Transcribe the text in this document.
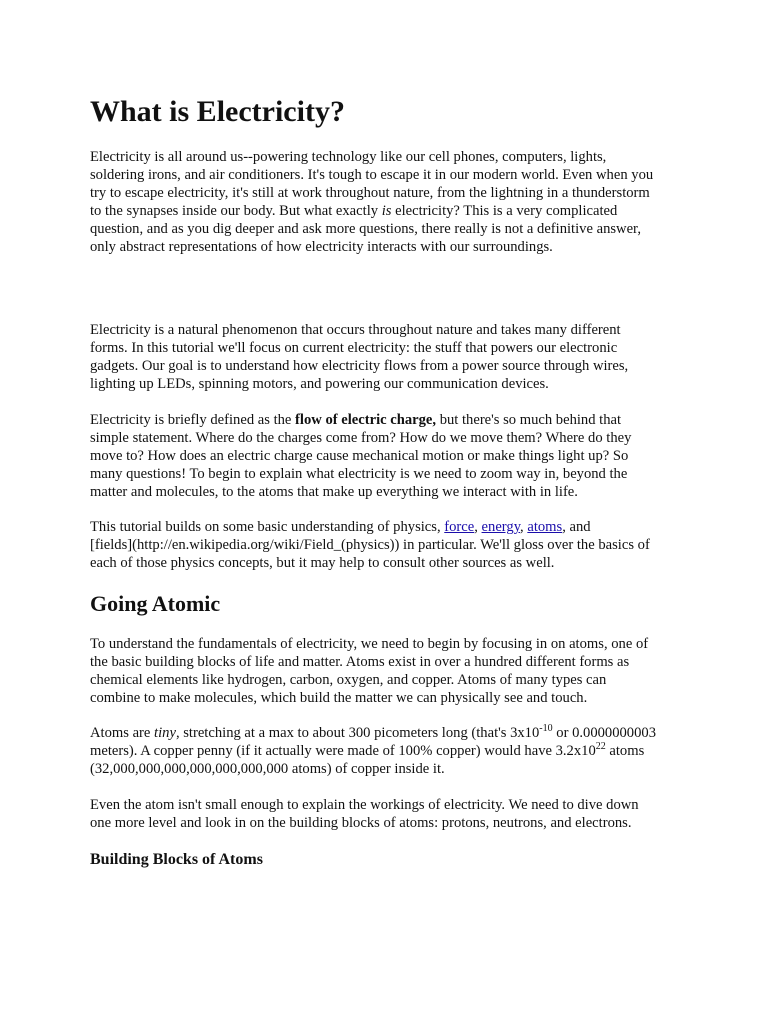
What is Electricity?

Electricity is all around us--powering technology like our cell phones, computers, lights,
soldering irons, and air conditioners. It's tough to escape it in our modern world. Even when you
try to escape electricity, it's still at work throughout nature, from the lightning in a thunderstorm
to the synapses inside our body. But what exactly is electricity? This is a very complicated
question, and as you dig deeper and ask more questions, there really is not a definitive answer,
only abstract representations of how electricity interacts with our surroundings.

Electricity is a natural phenomenon that occurs throughout nature and takes many different
forms. In this tutorial we'll focus on current electricity: the stuff that powers our electronic
gadgets. Our goal is to understand how electricity flows from a power source through wires,
lighting up LEDs, spinning motors, and powering our communication devices.

Electricity is briefly defined as the flow of electric charge, but there's so much behind that
simple statement. Where do the charges come from? How do we move them? Where do they
move to? How does an electric charge cause mechanical motion or make things light up? So
many questions! To begin to explain what electricity is we need to zoom way in, beyond the
matter and molecules, to the atoms that make up everything we interact with in life.

This tutorial builds on some basic understanding of physics, force, energy, atoms, and
[fields](http://en.wikipedia.org/wiki/Field_(physics)) in particular. We'll gloss over the basics of
each of those physics concepts, but it may help to consult other sources as well.

Going Atomic

To understand the fundamentals of electricity, we need to begin by focusing in on atoms, one of
the basic building blocks of life and matter. Atoms exist in over a hundred different forms as
chemical elements like hydrogen, carbon, oxygen, and copper. Atoms of many types can
combine to make molecules, which build the matter we can physically see and touch.

Atoms are tiny, stretching at a max to about 300 picometers long (that's $3x10^{-10}$ or 0.0000000003
meters). A copper penny (if it actually were made of 100% copper) would have $3.2x10^{22}$ atoms
(32,000,000,000,000,000,000,000 atoms) of copper inside it.

Even the atom isn't small enough to explain the workings of electricity. We need to dive down
one more level and look in on the building blocks of atoms: protons, neutrons, and electrons.

Building Blocks of Atoms
